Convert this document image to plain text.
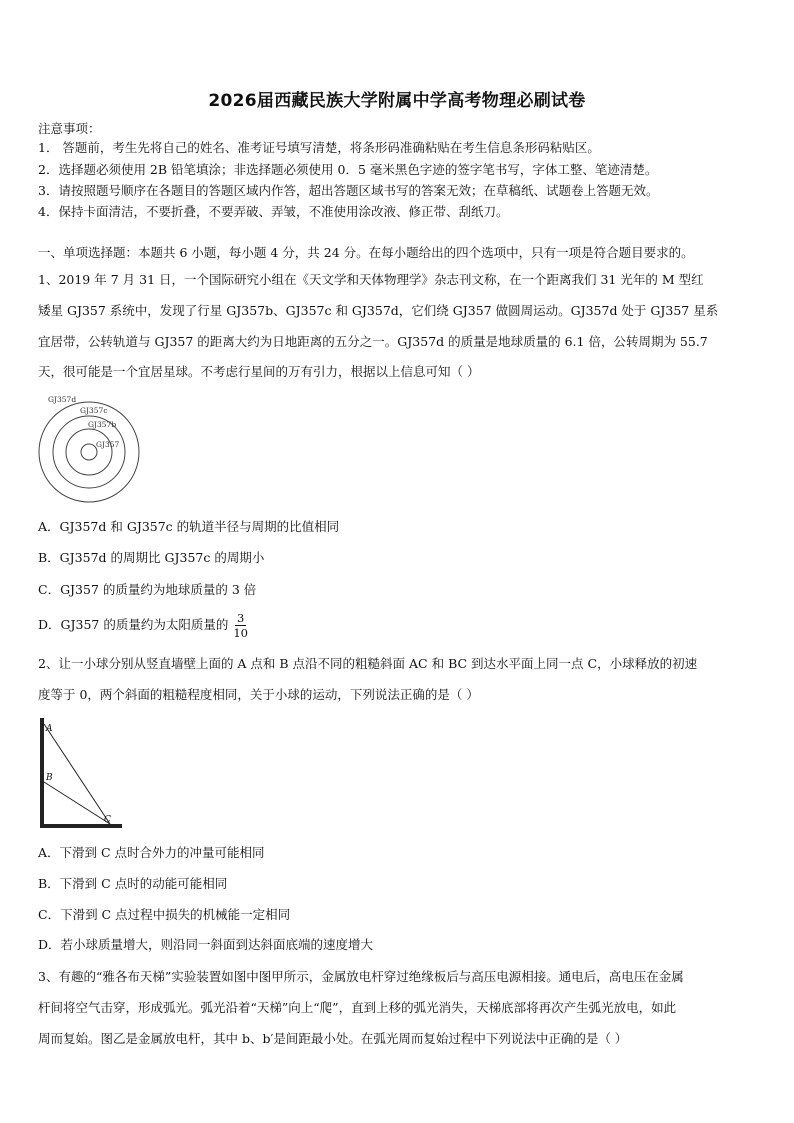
2026届西藏民族大学附属中学高考物理必刷试卷
注意事项：
1． 答题前，考生先将自己的姓名、准考证号填写清楚，将条形码准确粘贴在考生信息条形码粘贴区。
2．选择题必须使用 2B 铅笔填涂；非选择题必须使用 0．5 毫米黑色字迹的签字笔书写，字体工整、笔迹清楚。
3．请按照题号顺序在各题目的答题区域内作答，超出答题区域书写的答案无效；在草稿纸、试题卷上答题无效。
4．保持卡面清洁，不要折叠，不要弄破、弄皱，不准使用涂改液、修正带、刮纸刀。
一、单项选择题：本题共 6 小题，每小题 4 分，共 24 分。在每小题给出的四个选项中，只有一项是符合题目要求的。
1、2019 年 7 月 31 日，一个国际研究小组在《天文学和天体物理学》杂志刊文称，在一个距离我们 31 光年的 M 型红
矮星 GJ357 系统中，发现了行星 GJ357b、GJ357c 和 GJ357d，它们绕 GJ357 做圆周运动。GJ357d 处于 GJ357 星系
宜居带，公转轨道与 GJ357 的距离大约为日地距离的五分之一。GJ357d 的质量是地球质量的 6.1 倍，公转周期为 55.7
天，很可能是一个宜居星球。不考虑行星间的万有引力，根据以上信息可知（ ）
GJ357d
GJ357c
GJ357b
GJ357
A．GJ357d 和 GJ357c 的轨道半径与周期的比值相同
B．GJ357d 的周期比 GJ357c 的周期小
C．GJ357 的质量约为地球质量的 3 倍
D．GJ357 的质量约为太阳质量的 $\frac{3}{10}$
2、让一小球分别从竖直墙壁上面的 A 点和 B 点沿不同的粗糙斜面 AC 和 BC 到达水平面上同一点 C，小球释放的初速
度等于 0，两个斜面的粗糙程度相同，关于小球的运动，下列说法正确的是（ ）
A
B
C
A．下滑到 C 点时合外力的冲量可能相同
B．下滑到 C 点时的动能可能相同
C．下滑到 C 点过程中损失的机械能一定相同
D．若小球质量增大，则沿同一斜面到达斜面底端的速度增大
3、有趣的“雅各布天梯”实验装置如图中图甲所示，金属放电杆穿过绝缘板后与高压电源相接。通电后，高电压在金属
杆间将空气击穿，形成弧光。弧光沿着“天梯”向上“爬”，直到上移的弧光消失，天梯底部将再次产生弧光放电，如此
周而复始。图乙是金属放电杆，其中 b、b′是间距最小处。在弧光周而复始过程中下列说法中正确的是（ ）
